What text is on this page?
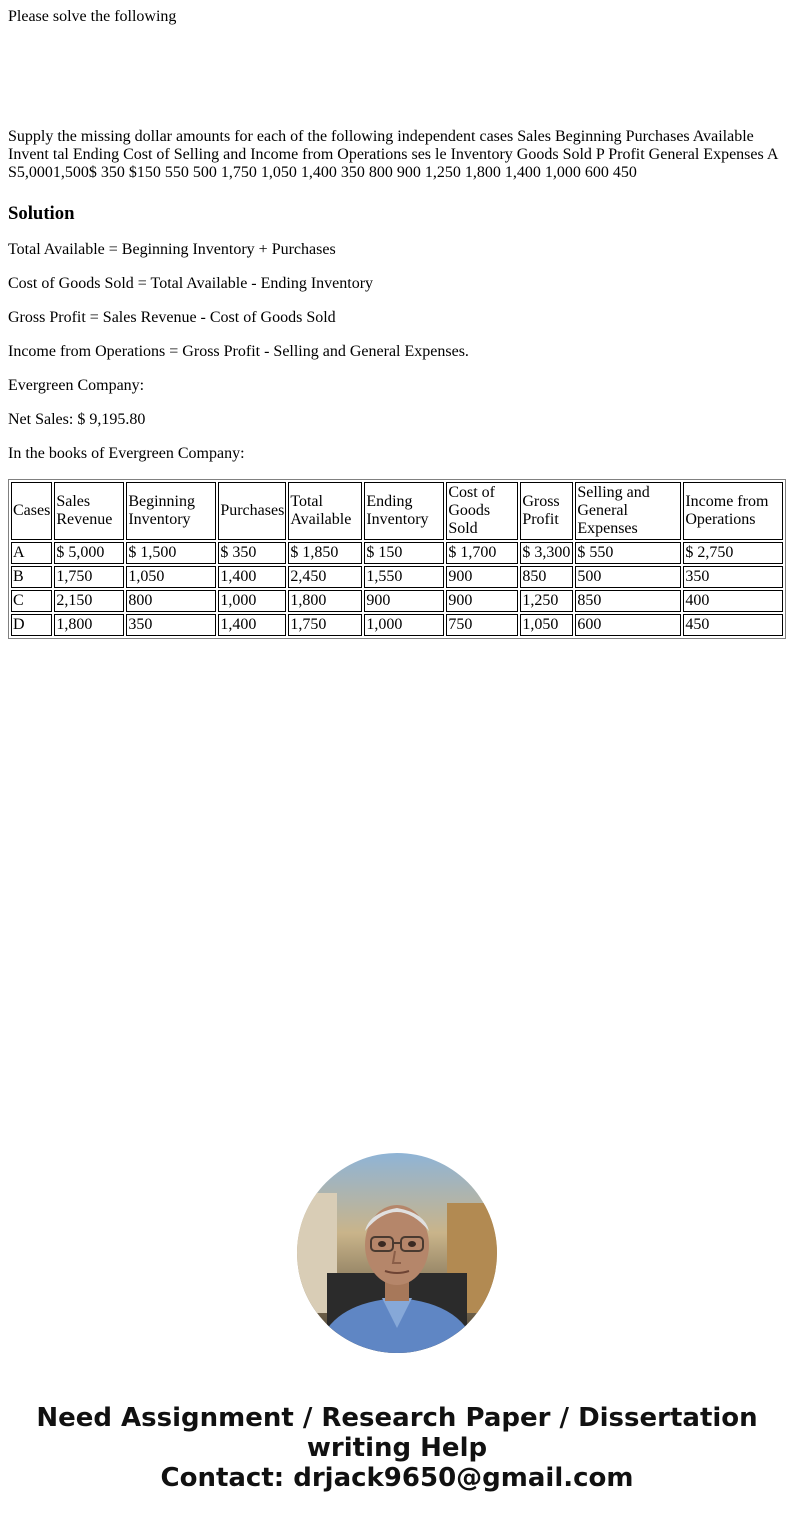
Please solve the following

Supply the missing dollar amounts for each of the following independent cases Sales Beginning Purchases Available Invent tal Ending Cost of Selling and Income from Operations ses le Inventory Goods Sold P Profit General Expenses A S5,0001,500$ 350 $150 550 500 1,750 1,050 1,400 350 800 900 1,250 1,800 1,400 1,000 600 450

Solution

Total Available = Beginning Inventory + Purchases

Cost of Goods Sold = Total Available - Ending Inventory

Gross Profit = Sales Revenue - Cost of Goods Sold

Income from Operations = Gross Profit - Selling and General Expenses.

Evergreen Company:

Net Sales: $ 9,195.80

In the books of Evergreen Company:

Cases	Sales Revenue	Beginning Inventory	Purchases	Total Available	Ending Inventory	Cost of Goods Sold	Gross Profit	Selling and General Expenses	Income from Operations
A	$ 5,000	$ 1,500	$ 350	$ 1,850	$ 150	$ 1,700	$ 3,300	$ 550	$ 2,750
B	1,750	1,050	1,400	2,450	1,550	900	850	500	350
C	2,150	800	1,000	1,800	900	900	1,250	850	400
D	1,800	350	1,400	1,750	1,000	750	1,050	600	450
Need Assignment / Research Paper / Dissertation
writing Help
Contact: drjack9650@gmail.com
